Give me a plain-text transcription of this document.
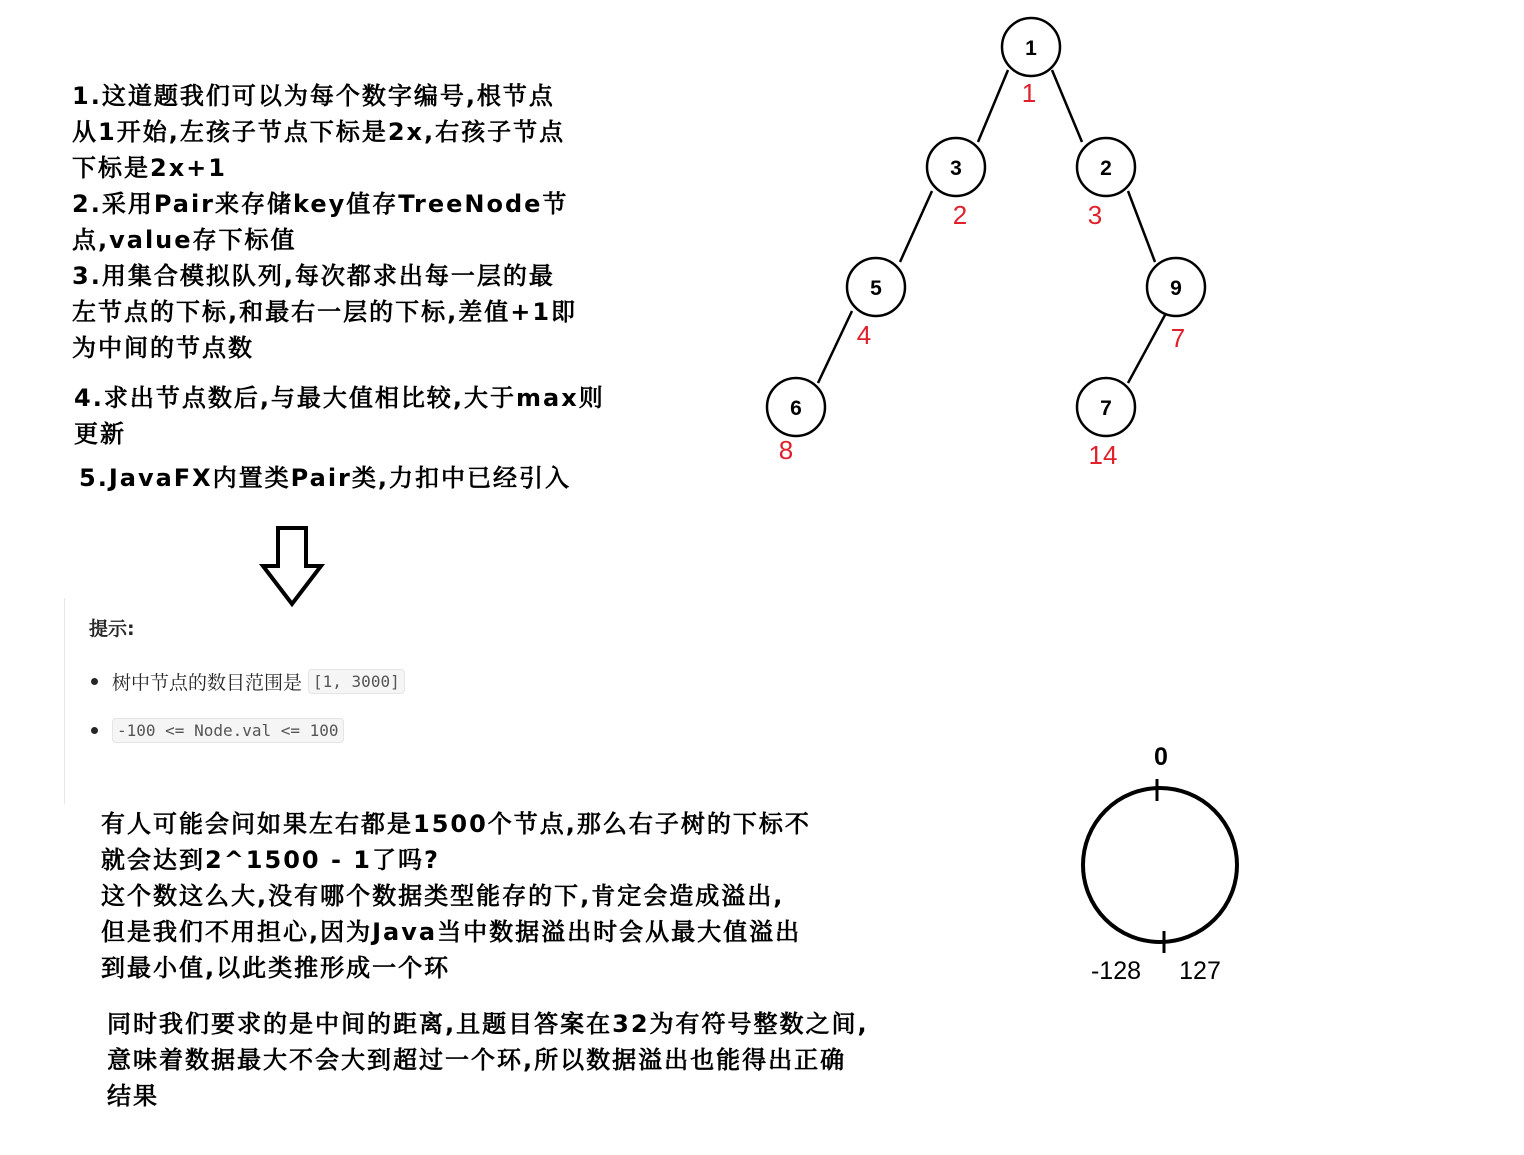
1.这道题我们可以为每个数字编号,根节点
从1开始,左孩子节点下标是2x,右孩子节点
下标是2x+1
2.采用Pair来存储key值存TreeNode节
点,value存下标值
3.用集合模拟队列,每次都求出每一层的最
左节点的下标,和最右一层的下标,差值+1即
为中间的节点数

4.求出节点数后,与最大值相比较,大于max则
更新

5.JavaFX内置类Pair类,力扣中已经引入

提示:

树中节点的数目范围是 [1, 3000]
-100 <= Node.val <= 100

有人可能会问如果左右都是1500个节点,那么右子树的下标不
就会达到2^1500 - 1了吗?
这个数这么大,没有哪个数据类型能存的下,肯定会造成溢出,
但是我们不用担心,因为Java当中数据溢出时会从最大值溢出
到最小值,以此类推形成一个环

同时我们要求的是中间的距离,且题目答案在32为有符号整数之间,
意味着数据最大不会大到超过一个环,所以数据溢出也能得出正确
结果

1
3	2
5	9
6	7
1
2	3
4	7
8	14
0
-128 127
